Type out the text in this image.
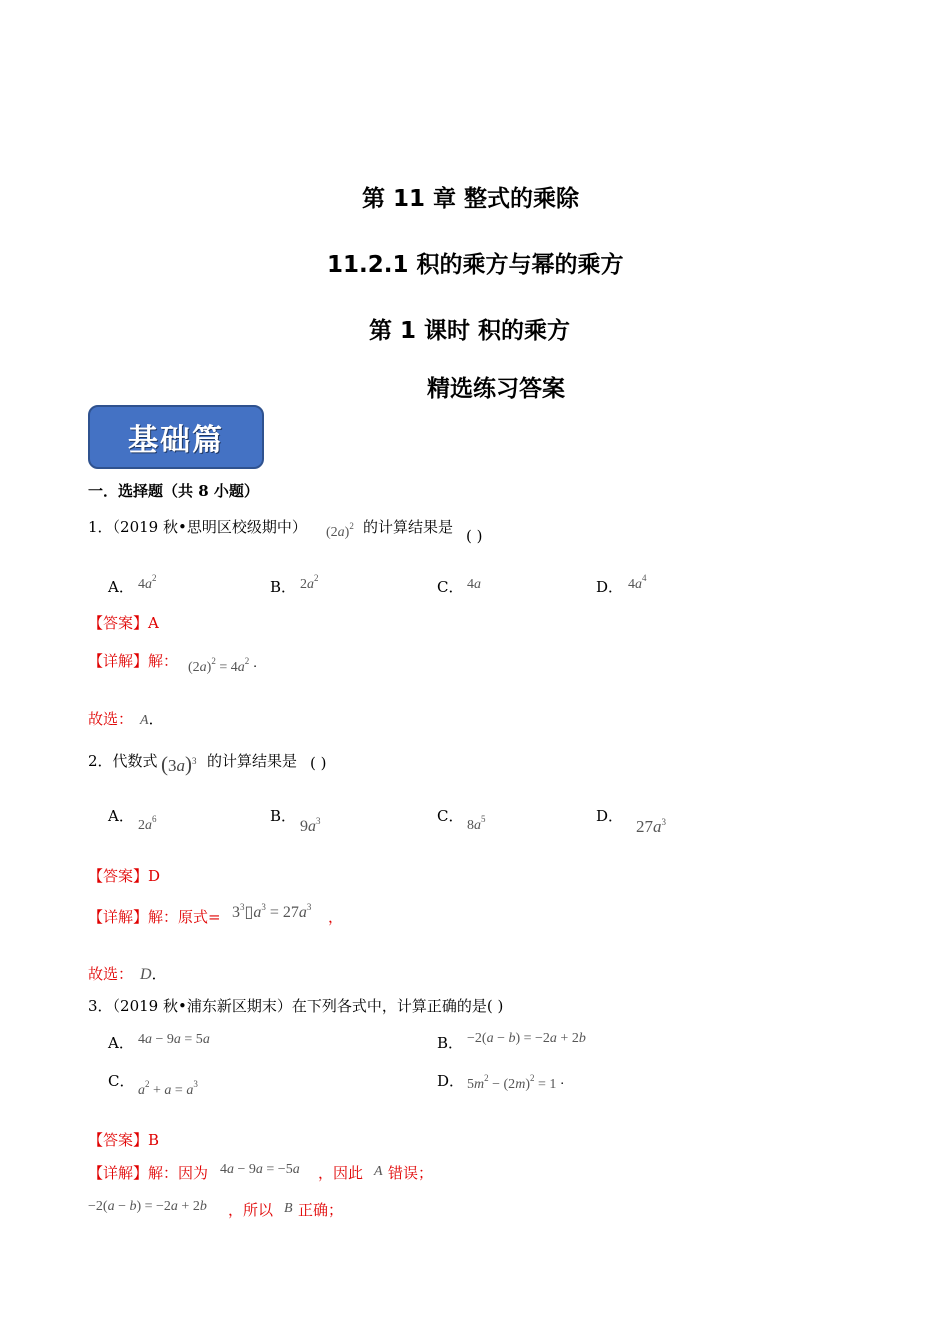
第 11 章 整式的乘除
11.2.1 积的乘方与幂的乘方
第 1 课时 积的乘方
精选练习答案
基础篇
一．选择题（共 8 小题）
1．（2019 秋•思明区校级期中） $(2a)^2$ 的计算结果是 ( )
A． $4a^2$	B． $2a^2$	C． 4a	D． $4a^4$
【答案】A
【详解】解： $(2a)^2 = 4a^2$ ·
故选： A．
2．代数式 $(3a)^3$ 的计算结果是 ( )
A．
$2a^6$	B．
$9a^3$	C．
$8a^5$	D．
$27a^3$
【答案】D
【详解】解：原式= $3^3▯a^3 = 27a^3$
，
故选： D．
3．（2019 秋•浦东新区期末）在下列各式中，计算正确的是( )
A． 4a − 9a = 5a	B． −2(a − b) = −2a + 2b
C．
$a^2 + a = a^3$	D． $5m^2 - (2m)^2 = 1$ ·
【答案】B
【详解】解：因为 4a − 9a = −5a ，因此 A 错误；
−2(a − b) = −2a + 2b ，所以 B 正确；
